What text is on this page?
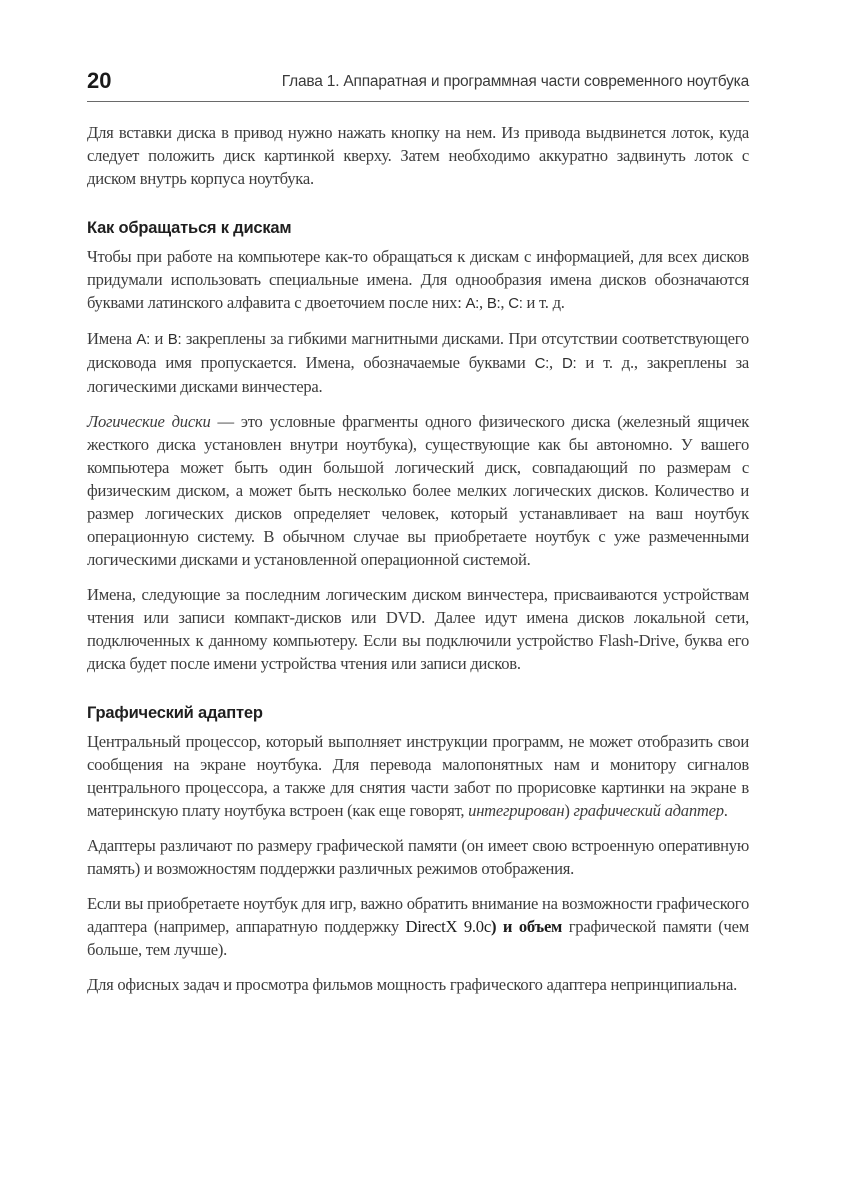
20	Глава 1. Аппаратная и программная части современного ноутбука

Для вставки диска в привод нужно нажать кнопку на нем. Из привода выдвинется лоток, куда следует положить диск картинкой кверху. Затем необходимо аккуратно задвинуть лоток с диском внутрь корпуса ноутбука.

Как обращаться к дискам

Чтобы при работе на компьютере как-то обращаться к дискам с информацией, для всех дисков придумали использовать специальные имена. Для однообразия имена дисков обозначаются буквами латинского алфавита с двоеточием после них: A:, B:, C: и т. д.

Имена A: и B: закреплены за гибкими магнитными дисками. При отсутствии соответствующего дисковода имя пропускается. Имена, обозначаемые буквами C:, D: и т. д., закреплены за логическими дисками винчестера.

Логические диски — это условные фрагменты одного физического диска (железный ящичек жесткого диска установлен внутри ноутбука), существующие как бы автономно. У вашего компьютера может быть один большой логический диск, совпадающий по размерам с физическим диском, а может быть несколько более мелких логических дисков. Количество и размер логических дисков определяет человек, который устанавливает на ваш ноутбук операционную систему. В обычном случае вы приобретаете ноутбук с уже размеченными логическими дисками и установленной операционной системой.

Имена, следующие за последним логическим диском винчестера, присваиваются устройствам чтения или записи компакт-дисков или DVD. Далее идут имена дисков локальной сети, подключенных к данному компьютеру. Если вы подключили устройство Flash-Drive, буква его диска будет после имени устройства чтения или записи дисков.

Графический адаптер

Центральный процессор, который выполняет инструкции программ, не может отобразить свои сообщения на экране ноутбука. Для перевода малопонятных нам и монитору сигналов центрального процессора, а также для снятия части забот по прорисовке картинки на экране в материнскую плату ноутбука встроен (как еще говорят, интегрирован) графический адаптер.

Адаптеры различают по размеру графической памяти (он имеет свою встроенную оперативную память) и возможностям поддержки различных режимов отображения.

Если вы приобретаете ноутбук для игр, важно обратить внимание на возможности графического адаптера (например, аппаратную поддержку DirectX 9.0c) и объем графической памяти (чем больше, тем лучше).

Для офисных задач и просмотра фильмов мощность графического адаптера непринципиальна.
